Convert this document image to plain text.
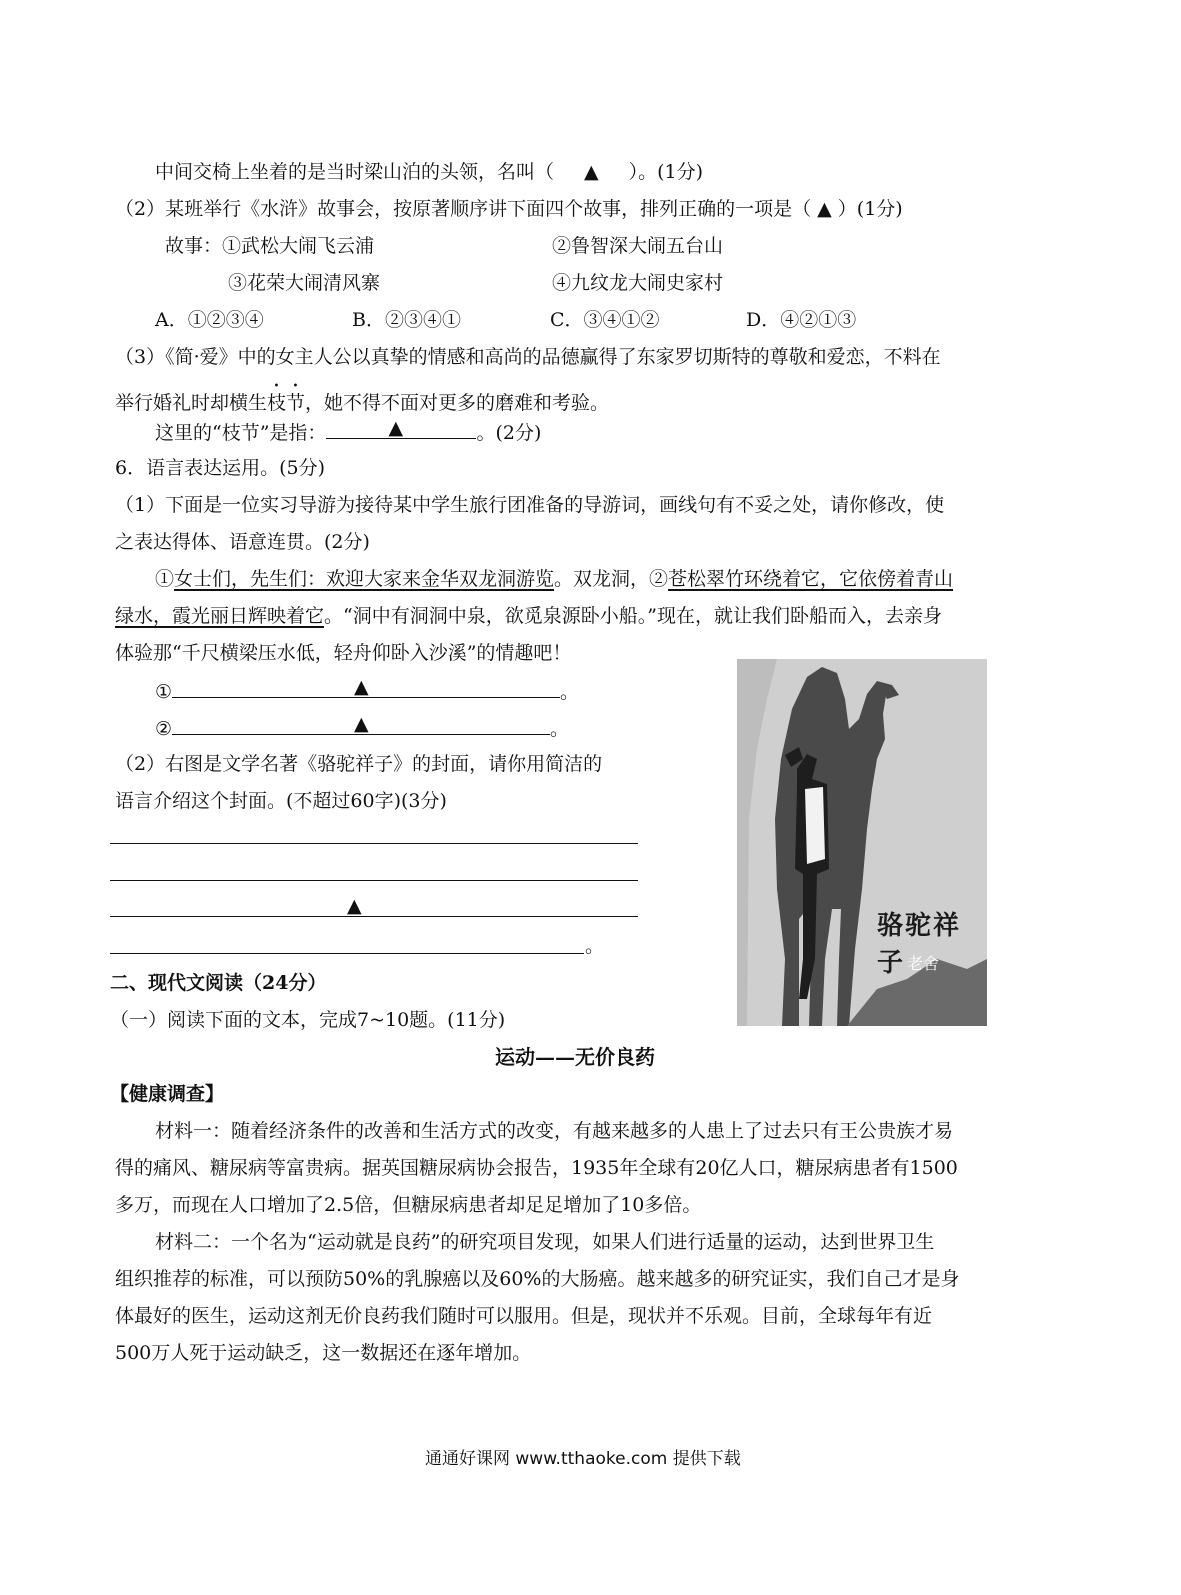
中间交椅上坐着的是当时梁山泊的头领，名叫（ ▲ ）。(1分)
（2）某班举行《水浒》故事会，按原著顺序讲下面四个故事，排列正确的一项是（ ▲ ）(1分)
故事：①武松大闹飞云浦	②鲁智深大闹五台山
③花荣大闹清风寨	④九纹龙大闹史家村
A．①②③④	B．②③④①	C．③④①②	D．④②①③
（3）《简·爱》中的女主人公以真挚的情感和高尚的品德赢得了东家罗切斯特的尊敬和爱恋，不料在
举行婚礼时却横生枝节，她不得不面对更多的磨难和考验。
这里的“枝节”是指：	▲	。(2分)
6．语言表达运用。(5分)
（1）下面是一位实习导游为接待某中学生旅行团准备的导游词，画线句有不妥之处，请你修改，使
之表达得体、语意连贯。(2分)
①女士们，先生们：欢迎大家来金华双龙洞游览。双龙洞，②苍松翠竹环绕着它，它依傍着青山
绿水，霞光丽日辉映着它。“洞中有洞洞中泉，欲觅泉源卧小船。”现在，就让我们卧船而入，去亲身
体验那“千尺横梁压水低，轻舟仰卧入沙溪”的情趣吧！
①	▲	。
②	▲	。
（2）右图是文学名著《骆驼祥子》的封面，请你用简洁的
语言介绍这个封面。(不超过60字)(3分)
▲
。
骆驼祥子 老舍
二、现代文阅读（24分）
（一）阅读下面的文本，完成7~10题。(11分)
运动——无价良药
【健康调查】
材料一：随着经济条件的改善和生活方式的改变，有越来越多的人患上了过去只有王公贵族才易
得的痛风、糖尿病等富贵病。据英国糖尿病协会报告，1935年全球有20亿人口，糖尿病患者有1500
多万，而现在人口增加了2.5倍，但糖尿病患者却足足增加了10多倍。
材料二：一个名为“运动就是良药”的研究项目发现，如果人们进行适量的运动，达到世界卫生
组织推荐的标准，可以预防50%的乳腺癌以及60%的大肠癌。越来越多的研究证实，我们自己才是身
体最好的医生，运动这剂无价良药我们随时可以服用。但是，现状并不乐观。目前，全球每年有近
500万人死于运动缺乏，这一数据还在逐年增加。
通通好课网 www.tthaoke.com 提供下载
